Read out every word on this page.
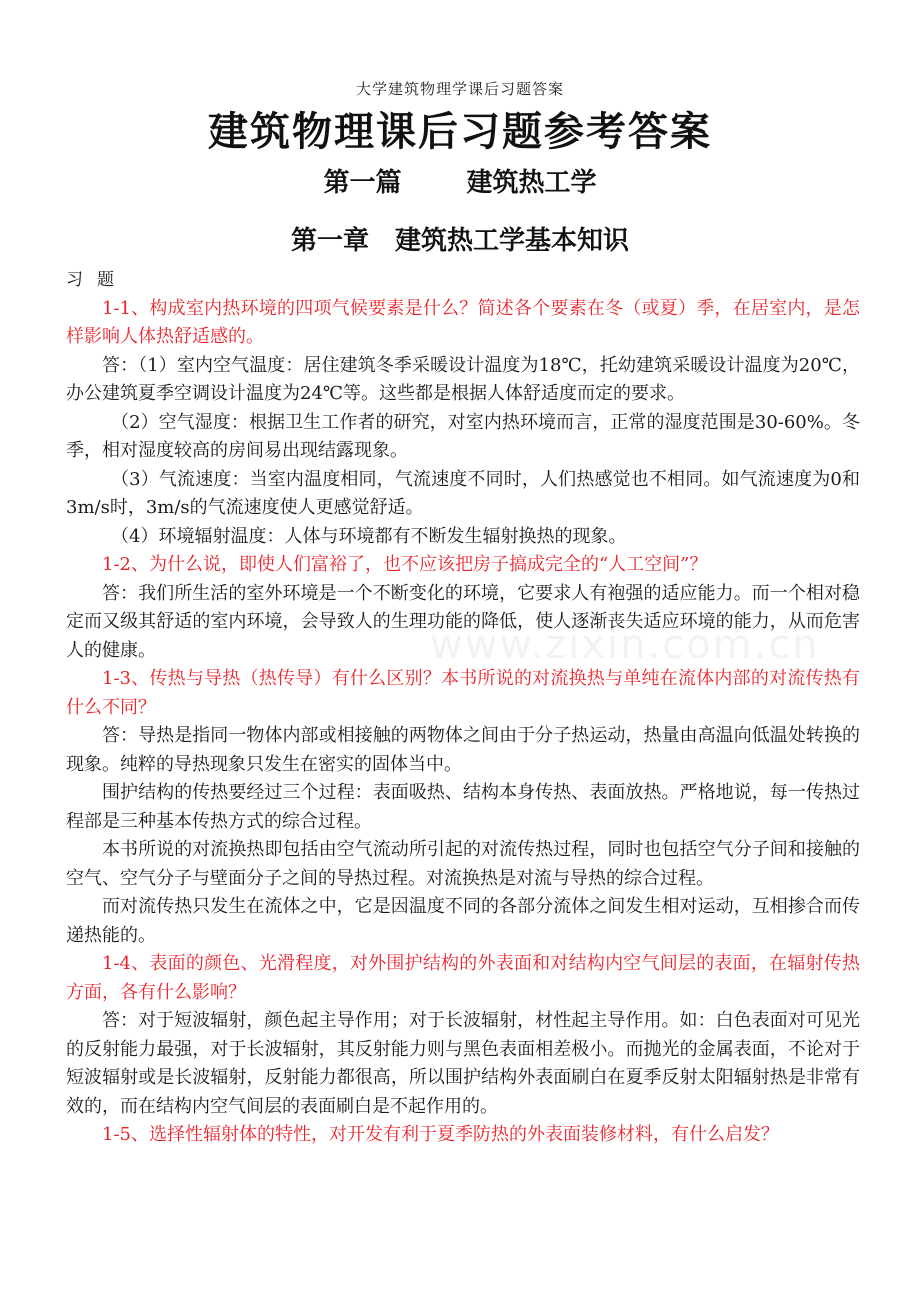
大学建筑物理学课后习题答案
建筑物理课后习题参考答案
第一篇　 建筑热工学
第一章　建筑热工学基本知识

习题

1-1、构成室内热环境的四项气候要素是什么？简述各个要素在冬（或夏）季，在居室内，是怎样影响人体热舒适感的。

答：（1）室内空气温度：居住建筑冬季采暖设计温度为18℃，托幼建筑采暖设计温度为20℃，办公建筑夏季空调设计温度为24℃等。这些都是根据人体舒适度而定的要求。

（2）空气湿度：根据卫生工作者的研究，对室内热环境而言，正常的湿度范围是30-60%。冬季，相对湿度较高的房间易出现结露现象。

（3）气流速度：当室内温度相同，气流速度不同时，人们热感觉也不相同。如气流速度为0和3m/s时，3m/s的气流速度使人更感觉舒适。

（4）环境辐射温度：人体与环境都有不断发生辐射换热的现象。

1-2、为什么说，即使人们富裕了，也不应该把房子搞成完全的“人工空间”？

答：我们所生活的室外环境是一个不断变化的环境，它要求人有袍强的适应能力。而一个相对稳定而又级其舒适的室内环境，会导致人的生理功能的降低，使人逐渐丧失适应环境的能力，从而危害人的健康。

1-3、传热与导热（热传导）有什么区别？本书所说的对流换热与单纯在流体内部的对流传热有什么不同？

答：导热是指同一物体内部或相接触的两物体之间由于分子热运动，热量由高温向低温处转换的现象。纯粹的导热现象只发生在密实的固体当中。

围护结构的传热要经过三个过程：表面吸热、结构本身传热、表面放热。严格地说，每一传热过程部是三种基本传热方式的综合过程。

本书所说的对流换热即包括由空气流动所引起的对流传热过程，同时也包括空气分子间和接触的空气、空气分子与壁面分子之间的导热过程。对流换热是对流与导热的综合过程。

而对流传热只发生在流体之中，它是因温度不同的各部分流体之间发生相对运动，互相掺合而传递热能的。

1-4、表面的颜色、光滑程度，对外围护结构的外表面和对结构内空气间层的表面，在辐射传热方面，各有什么影响？

答：对于短波辐射，颜色起主导作用；对于长波辐射，材性起主导作用。如：白色表面对可见光的反射能力最强，对于长波辐射，其反射能力则与黑色表面相差极小。而抛光的金属表面，不论对于短波辐射或是长波辐射，反射能力都很高，所以围护结构外表面刷白在夏季反射太阳辐射热是非常有效的，而在结构内空气间层的表面刷白是不起作用的。

1-5、选择性辐射体的特性，对开发有利于夏季防热的外表面装修材料，有什么启发？

www.zixin.com.cn
